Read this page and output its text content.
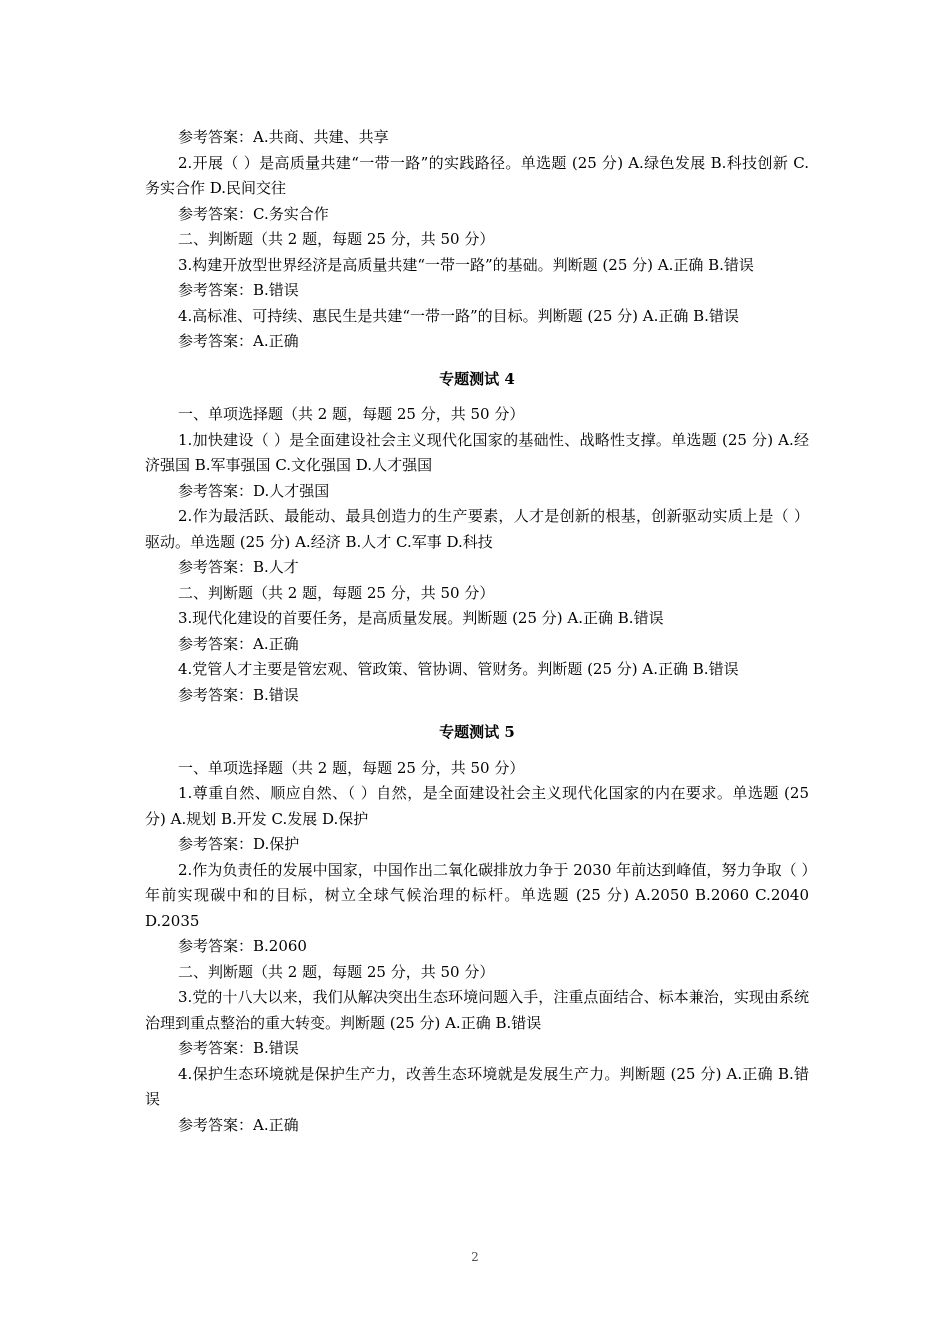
参考答案：A.共商、共建、共享

2.开展（ ）是高质量共建“一带一路”的实践路径。单选题 (25 分) A.绿色发展 B.科技创新 C.务实合作 D.民间交往

参考答案：C.务实合作

二、判断题（共 2 题，每题 25 分，共 50 分）

3.构建开放型世界经济是高质量共建“一带一路”的基础。判断题 (25 分) A.正确 B.错误

参考答案：B.错误

4.高标准、可持续、惠民生是共建“一带一路”的目标。判断题 (25 分) A.正确 B.错误

参考答案：A.正确

专题测试 4

一、单项选择题（共 2 题，每题 25 分，共 50 分）

1.加快建设（ ）是全面建设社会主义现代化国家的基础性、战略性支撑。单选题 (25 分) A.经济强国 B.军事强国 C.文化强国 D.人才强国

参考答案：D.人才强国

2.作为最活跃、最能动、最具创造力的生产要素，人才是创新的根基，创新驱动实质上是（ ）驱动。单选题 (25 分) A.经济 B.人才 C.军事 D.科技

参考答案：B.人才

二、判断题（共 2 题，每题 25 分，共 50 分）

3.现代化建设的首要任务，是高质量发展。判断题 (25 分) A.正确 B.错误

参考答案：A.正确

4.党管人才主要是管宏观、管政策、管协调、管财务。判断题 (25 分) A.正确 B.错误

参考答案：B.错误

专题测试 5

一、单项选择题（共 2 题，每题 25 分，共 50 分）

1.尊重自然、顺应自然、（ ）自然，是全面建设社会主义现代化国家的内在要求。单选题 (25 分) A.规划 B.开发 C.发展 D.保护

参考答案：D.保护

2.作为负责任的发展中国家，中国作出二氧化碳排放力争于 2030 年前达到峰值，努力争取（ ）年前实现碳中和的目标，树立全球气候治理的标杆。单选题 (25 分) A.2050 B.2060 C.2040 D.2035

参考答案：B.2060

二、判断题（共 2 题，每题 25 分，共 50 分）

3.党的十八大以来，我们从解决突出生态环境问题入手，注重点面结合、标本兼治，实现由系统治理到重点整治的重大转变。判断题 (25 分) A.正确 B.错误

参考答案：B.错误

4.保护生态环境就是保护生产力，改善生态环境就是发展生产力。判断题 (25 分) A.正确 B.错误

参考答案：A.正确

2
